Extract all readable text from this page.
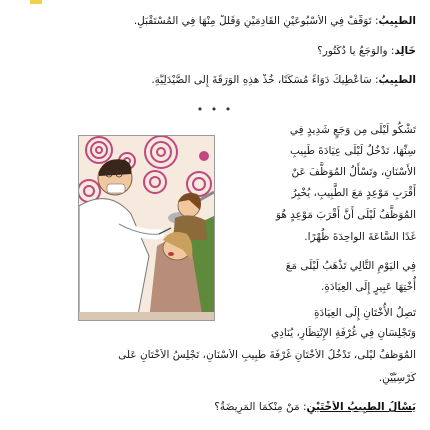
الطَّبِيبُ: تَوَقَّفْ فِي الأُسْبُوعَيْنِ القَادِمَيْنِ وَقَلِّلْ مِنْهَا فِي المُسْتَقْبَلِ.
خَالِد: والوَجَعُ يا دُكْتُور؟
الطَّبِيبُ: سَأُعْطِيكَ دَوَاءً مُسَكِّنًا، خُذْ هذِهِ الوَرَقَةَ إِلى الصَّيْدَلِيَّةِ.
• • •
تَشْكُو لَيْلَى مِن وَجَعٍ شَدِيدٍ فِي
سِنِّهَا، تَدْخُلُ لَيْلَى عِيَادَةَ طَبِيبِ
الأَسْنَانِ، وتَسْأَلُ المُوَظَّفَ عَنْ
أَقْرَبِ مَوْعِدٍ مَعَ الطَّبِيبِ، يُخْبِرُ
المُوَظَّفُ لَيْلَى أَنَّ أَقْرَبَ مَوْعِدٍ هُوَ
غَدًا السَّاعَةَ الواحِدَةَ ظُهْرًا.
فِي اليَوْمِ التَّالِي تَذْهَبُ لَيْلَى مَعَ
أُخْتِهَا عَبِيرٍ إِلَى العِيَادَةِ.
تَصِلُ الأُخْتَانِ إِلَى العِيَادَةِ
وَتَجْلِسَانِ فِي غُرْفَةِ الإِنْتِظَارِ، يُنَادِي
المُوَظَّفُ لَيْلَى، تَدْخُلُ الأُخْتَانِ غُرْفَةَ طَبِيبِ الأَسْنَانِ، تَجْلِسُ الأُخْتَانِ عَلَى
كُرْسِيَّيْنِ.
يَسْأَلُ الطَّبِيبُ الأُخْتَيْنِ: مَنْ مِنْكُمَا المَرِيضَةُ؟
